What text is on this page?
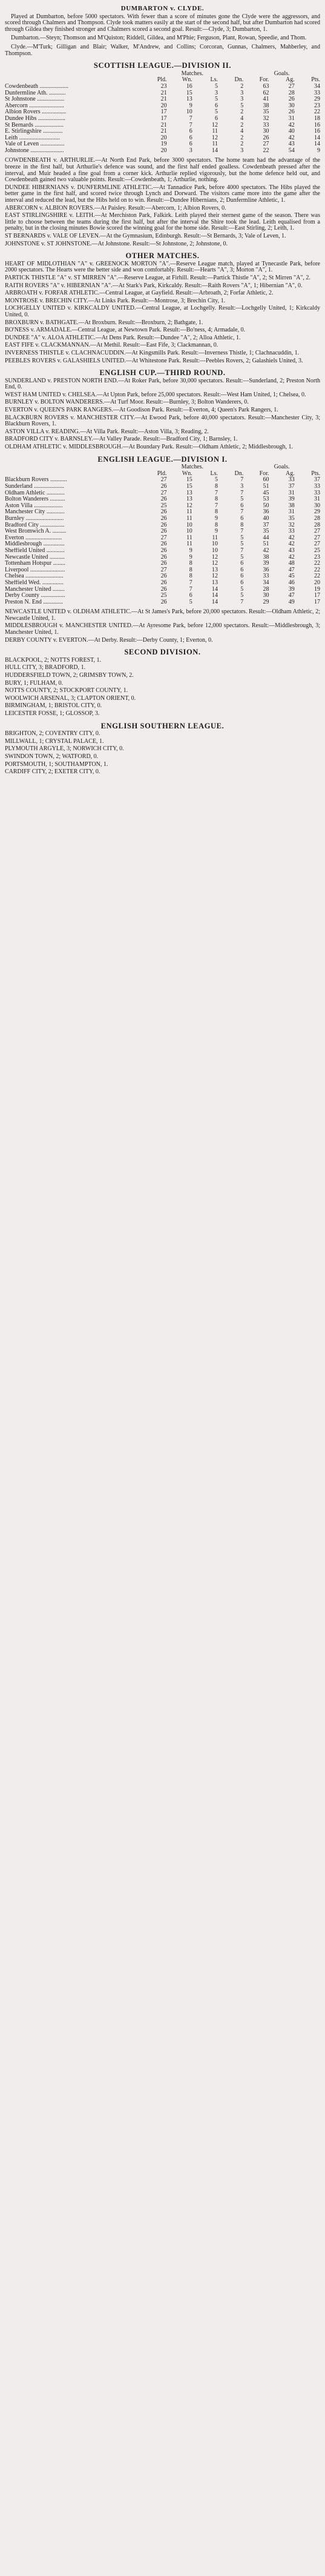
DUMBARTON v. CLYDE.

Played at Dumbarton, before 5000 spectators. With fewer than a score of minutes gone the Clyde were the aggressors, and scored through Chalmers and Thompson. Clyde took matters easily at the start of the second half, but after Dumbarton had scored through Gildea they finished stronger and Chalmers scored a second goal. Result:—Clyde, 3; Dumbarton, 1.

Dumbarton.—Steyn; Thomson and M'Quiston; Riddell, Gildea, and M'Phie; Ferguson, Plant, Rowan, Speedie, and Thom.

Clyde.—M'Turk; Gilligan and Blair; Walker, M'Andrew, and Collins; Corcoran, Gunnas, Chalmers, Mahberley, and Thompson.

SCOTTISH LEAGUE.—DIVISION II.
	Matches.				Goals.		
	Pld.	Wn.	Ls.	Dn.	For.	Ag.	Pts.
Cowdenbeath ...................	23	16	5	2	63	27	34
Dunfermline Ath. ...........	21	15	3	3	62	28	33
St Johnstone ..................	21	13	5	3	41	26	29
Abercorn .......................	20	9	6	5	38	30	23
Albion Rovers ................	17	10	5	2	35	26	22
Dundee Hibs ..................	17	7	6	4	32	31	18
St Bernards ...................	21	7	12	2	33	42	16
E. Stirlingshire .............	21	6	11	4	30	40	16
Leith ...........................	20	6	12	2	26	42	14
Vale of Leven ................	19	6	11	2	27	43	14
Johnstone ......................	20	3	14	3	22	54	9

COWDENBEATH v. ARTHURLIE.—At North End Park, before 3000 spectators. The home team had the advantage of the breeze in the first half, but Arthurlie's defence was sound, and the first half ended goalless. Cowdenbeath pressed after the interval, and Muir headed a fine goal from a corner kick. Arthurlie replied vigorously, but the home defence held out, and Cowdenbeath gained two valuable points. Result:—Cowdenbeath, 1; Arthurlie, nothing.

DUNDEE HIBERNIANS v. DUNFERMLINE ATHLETIC.—At Tannadice Park, before 4000 spectators. The Hibs played the better game in the first half, and scored twice through Lynch and Dorward. The visitors came more into the game after the interval and reduced the lead, but the Hibs held on to win. Result:—Dundee Hibernians, 2; Dunfermline Athletic, 1.

ABERCORN v. ALBION ROVERS.—At Paisley. Result:—Abercorn, 1; Albion Rovers, 0.

EAST STIRLINGSHIRE v. LEITH.—At Merchiston Park, Falkirk. Leith played their sternest game of the season. There was little to choose between the teams during the first half, but after the interval the Shire took the lead. Leith equalised from a penalty, but in the closing minutes Bowie scored the winning goal for the home side. Result:—East Stirling, 2; Leith, 1.

ST BERNARDS v. VALE OF LEVEN.—At the Gymnasium, Edinburgh. Result:—St Bernards, 3; Vale of Leven, 1.

JOHNSTONE v. ST JOHNSTONE.—At Johnstone. Result:—St Johnstone, 2; Johnstone, 0.

OTHER MATCHES.

HEART OF MIDLOTHIAN "A" v. GREENOCK MORTON "A".—Reserve League match, played at Tynecastle Park, before 2000 spectators. The Hearts were the better side and won comfortably. Result:—Hearts "A", 3; Morton "A", 1.

PARTICK THISTLE "A" v. ST MIRREN "A".—Reserve League, at Firhill. Result:—Partick Thistle "A", 2; St Mirren "A", 2.

RAITH ROVERS "A" v. HIBERNIAN "A".—At Stark's Park, Kirkcaldy. Result:—Raith Rovers "A", 1; Hibernian "A", 0.

ARBROATH v. FORFAR ATHLETIC.—Central League, at Gayfield. Result:—Arbroath, 2; Forfar Athletic, 2.

MONTROSE v. BRECHIN CITY.—At Links Park. Result:—Montrose, 3; Brechin City, 1.

LOCHGELLY UNITED v. KIRKCALDY UNITED.—Central League, at Lochgelly. Result:—Lochgelly United, 1; Kirkcaldy United, 0.

BROXBURN v. BATHGATE.—At Broxburn. Result:—Broxburn, 2; Bathgate, 1.

BO'NESS v. ARMADALE.—Central League, at Newtown Park. Result:—Bo'ness, 4; Armadale, 0.

DUNDEE "A" v. ALOA ATHLETIC.—At Dens Park. Result:—Dundee "A", 2; Alloa Athletic, 1.

EAST FIFE v. CLACKMANNAN.—At Methil. Result:—East Fife, 3; Clackmannan, 0.

INVERNESS THISTLE v. CLACHNACUDDIN.—At Kingsmills Park. Result:—Inverness Thistle, 1; Clachnacuddin, 1.

PEEBLES ROVERS v. GALASHIELS UNITED.—At Whitestone Park. Result:—Peebles Rovers, 2; Galashiels United, 3.

ENGLISH CUP.—THIRD ROUND.

SUNDERLAND v. PRESTON NORTH END.—At Roker Park, before 30,000 spectators. Result:—Sunderland, 2; Preston North End, 0.

WEST HAM UNITED v. CHELSEA.—At Upton Park, before 25,000 spectators. Result:—West Ham United, 1; Chelsea, 0.

BURNLEY v. BOLTON WANDERERS.—At Turf Moor. Result:—Burnley, 3; Bolton Wanderers, 0.

EVERTON v. QUEEN'S PARK RANGERS.—At Goodison Park. Result:—Everton, 4; Queen's Park Rangers, 1.

BLACKBURN ROVERS v. MANCHESTER CITY.—At Ewood Park, before 40,000 spectators. Result:—Manchester City, 3; Blackburn Rovers, 1.

ASTON VILLA v. READING.—At Villa Park. Result:—Aston Villa, 3; Reading, 2.

BRADFORD CITY v. BARNSLEY.—At Valley Parade. Result:—Bradford City, 1; Barnsley, 1.

OLDHAM ATHLETIC v. MIDDLESBROUGH.—At Boundary Park. Result:—Oldham Athletic, 2; Middlesbrough, 1.

ENGLISH LEAGUE.—DIVISION I.
	Matches.				Goals.		
	Pld.	Wn.	Ls.	Dn.	For.	Ag.	Pts.
Blackburn Rovers ...........	27	15	5	7	60	33	37
Sunderland ....................	26	15	8	3	51	37	33
Oldham Athletic ............	27	13	7	7	45	31	33
Bolton Wanderers ..........	26	13	8	5	53	39	31
Aston Villa ...................	25	12	7	6	50	38	30
Manchester City ............	26	11	8	7	36	31	29
Burnley .........................	26	11	9	6	40	35	28
Bradford City ................	26	10	8	8	37	32	28
West Bromwich A. .........	26	10	9	7	35	33	27
Everton ........................	27	11	11	5	44	42	27
Middlesbrough ..............	26	11	10	5	51	42	27
Sheffield United ............	26	9	10	7	42	43	25
Newcastle United ..........	26	9	12	5	38	42	23
Tottenham Hotspur ........	26	8	12	6	39	48	22
Liverpool .......................	27	8	13	6	36	47	22
Chelsea .........................	26	8	12	6	33	45	22
Sheffield Wed. ..............	26	7	13	6	34	46	20
Manchester United ........	26	7	14	5	28	39	19
Derby County ................	25	6	14	5	30	47	17
Preston N. End .............	26	5	14	7	29	49	17

NEWCASTLE UNITED v. OLDHAM ATHLETIC.—At St James's Park, before 20,000 spectators. Result:—Oldham Athletic, 2; Newcastle United, 1.

MIDDLESBROUGH v. MANCHESTER UNITED.—At Ayresome Park, before 12,000 spectators. Result:—Middlesbrough, 3; Manchester United, 1.

DERBY COUNTY v. EVERTON.—At Derby. Result:—Derby County, 1; Everton, 0.

SECOND DIVISION.

BLACKPOOL, 2; NOTTS FOREST, 1.

HULL CITY, 3; BRADFORD, 1.

HUDDERSFIELD TOWN, 2; GRIMSBY TOWN, 2.

BURY, 1; FULHAM, 0.

NOTTS COUNTY, 2; STOCKPORT COUNTY, 1.

WOOLWICH ARSENAL, 3; CLAPTON ORIENT, 0.

BIRMINGHAM, 1; BRISTOL CITY, 0.

LEICESTER FOSSE, 1; GLOSSOP, 3.

ENGLISH SOUTHERN LEAGUE.

BRIGHTON, 2; COVENTRY CITY, 0.

MILLWALL, 1; CRYSTAL PALACE, 1.

PLYMOUTH ARGYLE, 3; NORWICH CITY, 0.

SWINDON TOWN, 2; WATFORD, 0.

PORTSMOUTH, 1; SOUTHAMPTON, 1.

CARDIFF CITY, 2; EXETER CITY, 0.
